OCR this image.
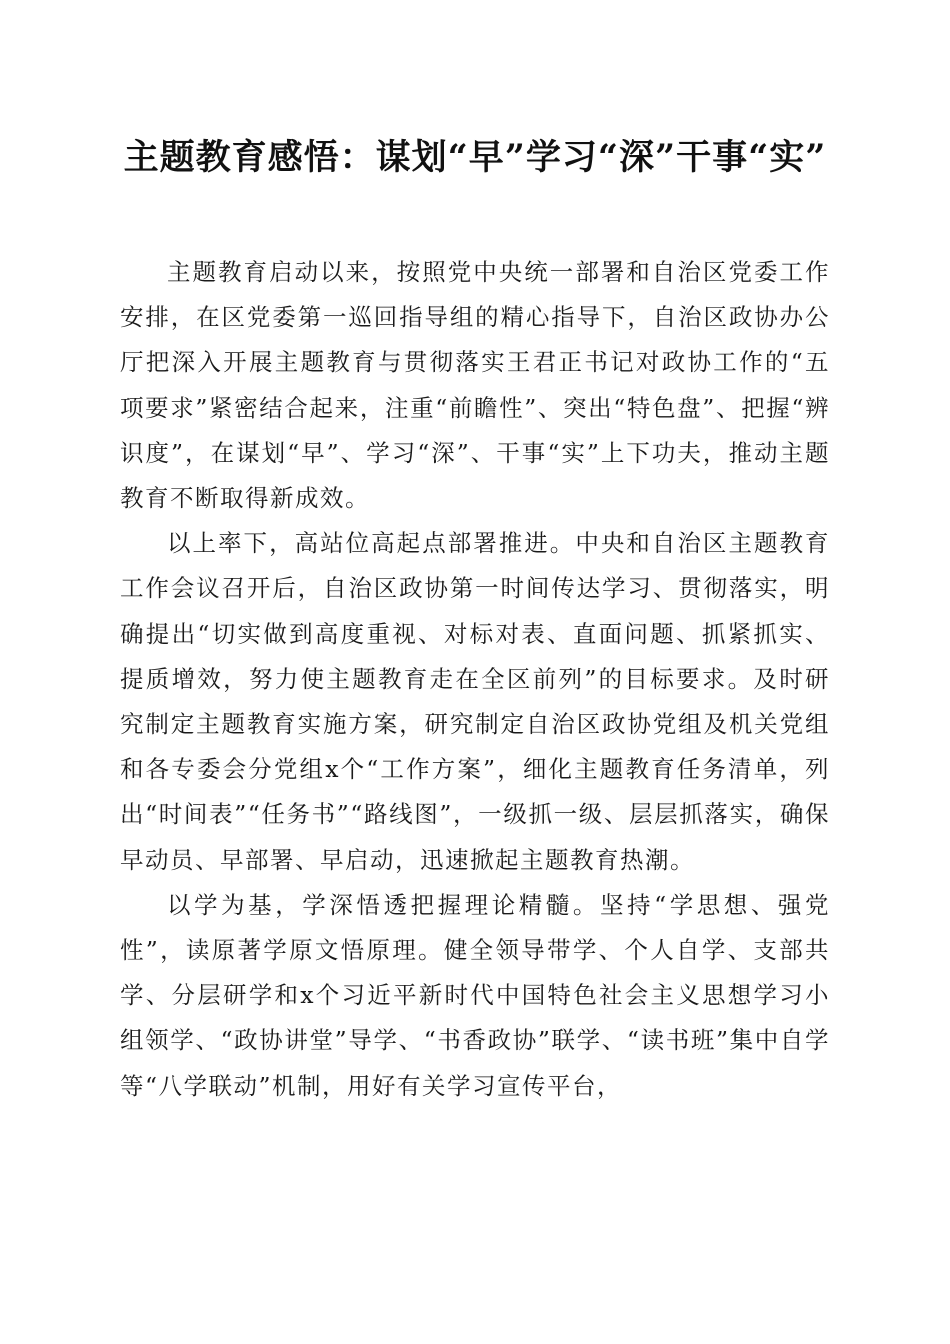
主题教育感悟：谋划“早”学习“深”干事“实”

主题教育启动以来，按照党中央统一部署和自治区党委工作安排，在区党委第一巡回指导组的精心指导下，自治区政协办公厅把深入开展主题教育与贯彻落实王君正书记对政协工作的“五项要求”紧密结合起来，注重“前瞻性”、突出“特色盘”、把握“辨识度”，在谋划“早”、学习“深”、干事“实”上下功夫，推动主题教育不断取得新成效。

以上率下，高站位高起点部署推进。中央和自治区主题教育工作会议召开后，自治区政协第一时间传达学习、贯彻落实，明确提出“切实做到高度重视、对标对表、直面问题、抓紧抓实、提质增效，努力使主题教育走在全区前列”的目标要求。及时研究制定主题教育实施方案，研究制定自治区政协党组及机关党组和各专委会分党组x个“工作方案”，细化主题教育任务清单，列出“时间表”“任务书”“路线图”，一级抓一级、层层抓落实，确保早动员、早部署、早启动，迅速掀起主题教育热潮。

以学为基，学深悟透把握理论精髓。坚持“学思想、强党性”，读原著学原文悟原理。健全领导带学、个人自学、支部共学、分层研学和x个习近平新时代中国特色社会主义思想学习小组领学、“政协讲堂”导学、“书香政协”联学、“读书班”集中自学等“八学联动”机制，用好有关学习宣传平台，
